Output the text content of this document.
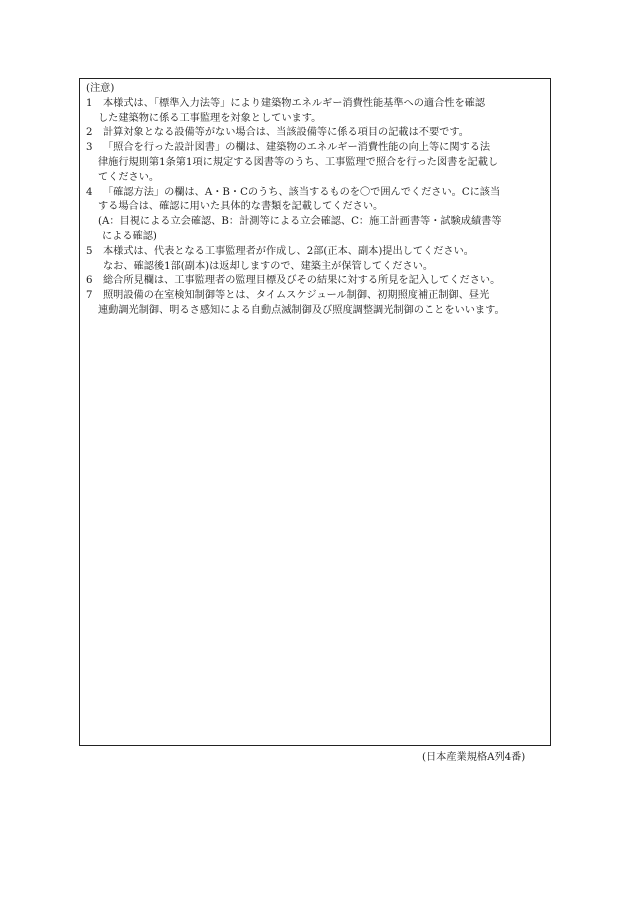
(注意)

1	本様式は、「標準入力法等」により建築物エネルギー消費性能基準への適合性を確認
した建築物に係る工事監理を対象としています。
2	計算対象となる設備等がない場合は、当該設備等に係る項目の記載は不要です。
3	「照合を行った設計図書」の欄は、建築物のエネルギー消費性能の向上等に関する法
律施行規則第1条第1項に規定する図書等のうち、工事監理で照合を行った図書を記載し
てください。
4	「確認方法」の欄は、A・B・Cのうち、該当するものを〇で囲んでください。Cに該当
する場合は、確認に用いた具体的な書類を記載してください。
(A：目視による立会確認、B：計測等による立会確認、C：施工計画書等・試験成績書等
による確認)
5	本様式は、代表となる工事監理者が作成し、2部(正本、副本)提出してください。
なお、確認後1部(副本)は返却しますので、建築主が保管してください。
6	総合所見欄は、工事監理者の監理目標及びその結果に対する所見を記入してください。
7	照明設備の在室検知制御等とは、タイムスケジュール制御、初期照度補正制御、昼光
連動調光制御、明るさ感知による自動点滅制御及び照度調整調光制御のことをいいます。
(日本産業規格A列4番)
